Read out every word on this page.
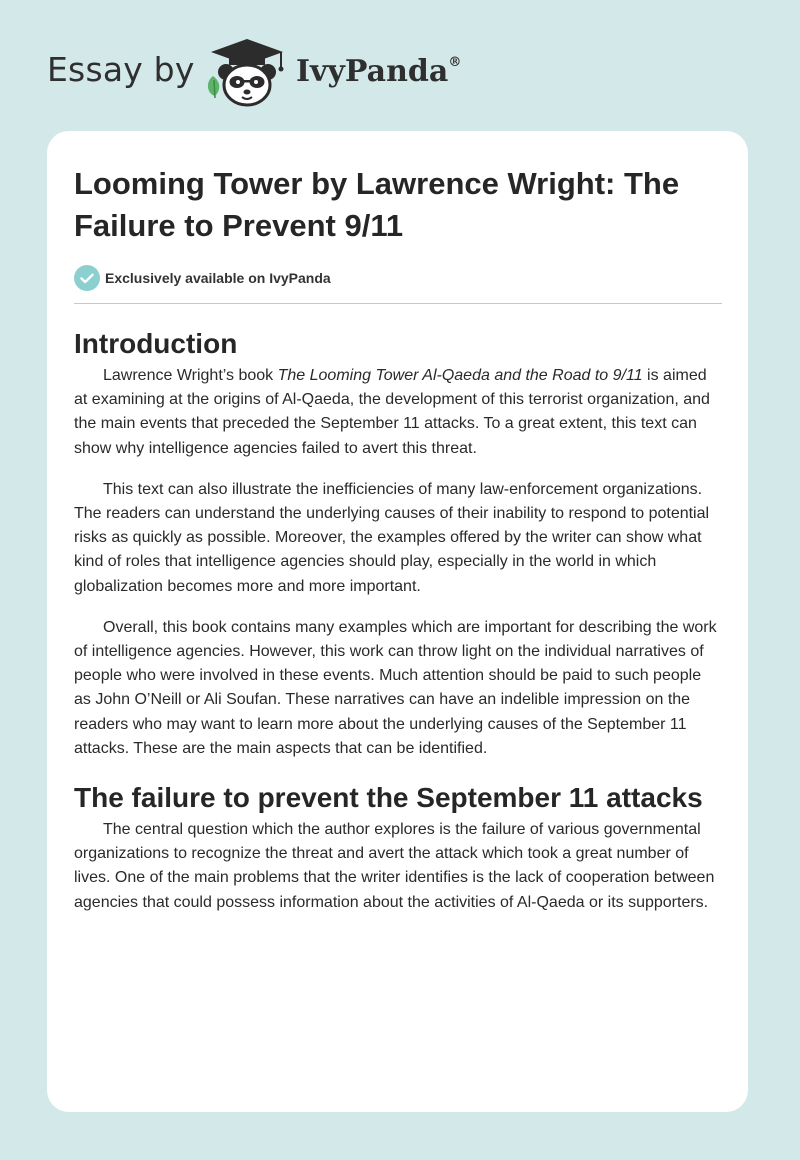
Essay by	IvyPanda®
Looming Tower by Lawrence Wright: The Failure to Prevent 9/11
Exclusively available on IvyPanda
Introduction

Lawrence Wright’s book The Looming Tower Al-Qaeda and the Road to 9/11 is aimed at examining at the origins of Al-Qaeda, the development of this terrorist organization, and the main events that preceded the September 11 attacks. To a great extent, this text can show why intelligence agencies failed to avert this threat.

This text can also illustrate the inefficiencies of many law-enforcement organizations. The readers can understand the underlying causes of their inability to respond to potential risks as quickly as possible. Moreover, the examples offered by the writer can show what kind of roles that intelligence agencies should play, especially in the world in which globalization becomes more and more important.

Overall, this book contains many examples which are important for describing the work of intelligence agencies. However, this work can throw light on the individual narratives of people who were involved in these events. Much attention should be paid to such people as John O’Neill or Ali Soufan. These narratives can have an indelible impression on the readers who may want to learn more about the underlying causes of the September 11 attacks. These are the main aspects that can be identified.

The failure to prevent the September 11 attacks

The central question which the author explores is the failure of various governmental organizations to recognize the threat and avert the attack which took a great number of lives. One of the main problems that the writer identifies is the lack of cooperation between agencies that could possess information about the activities of Al-Qaeda or its supporters.
